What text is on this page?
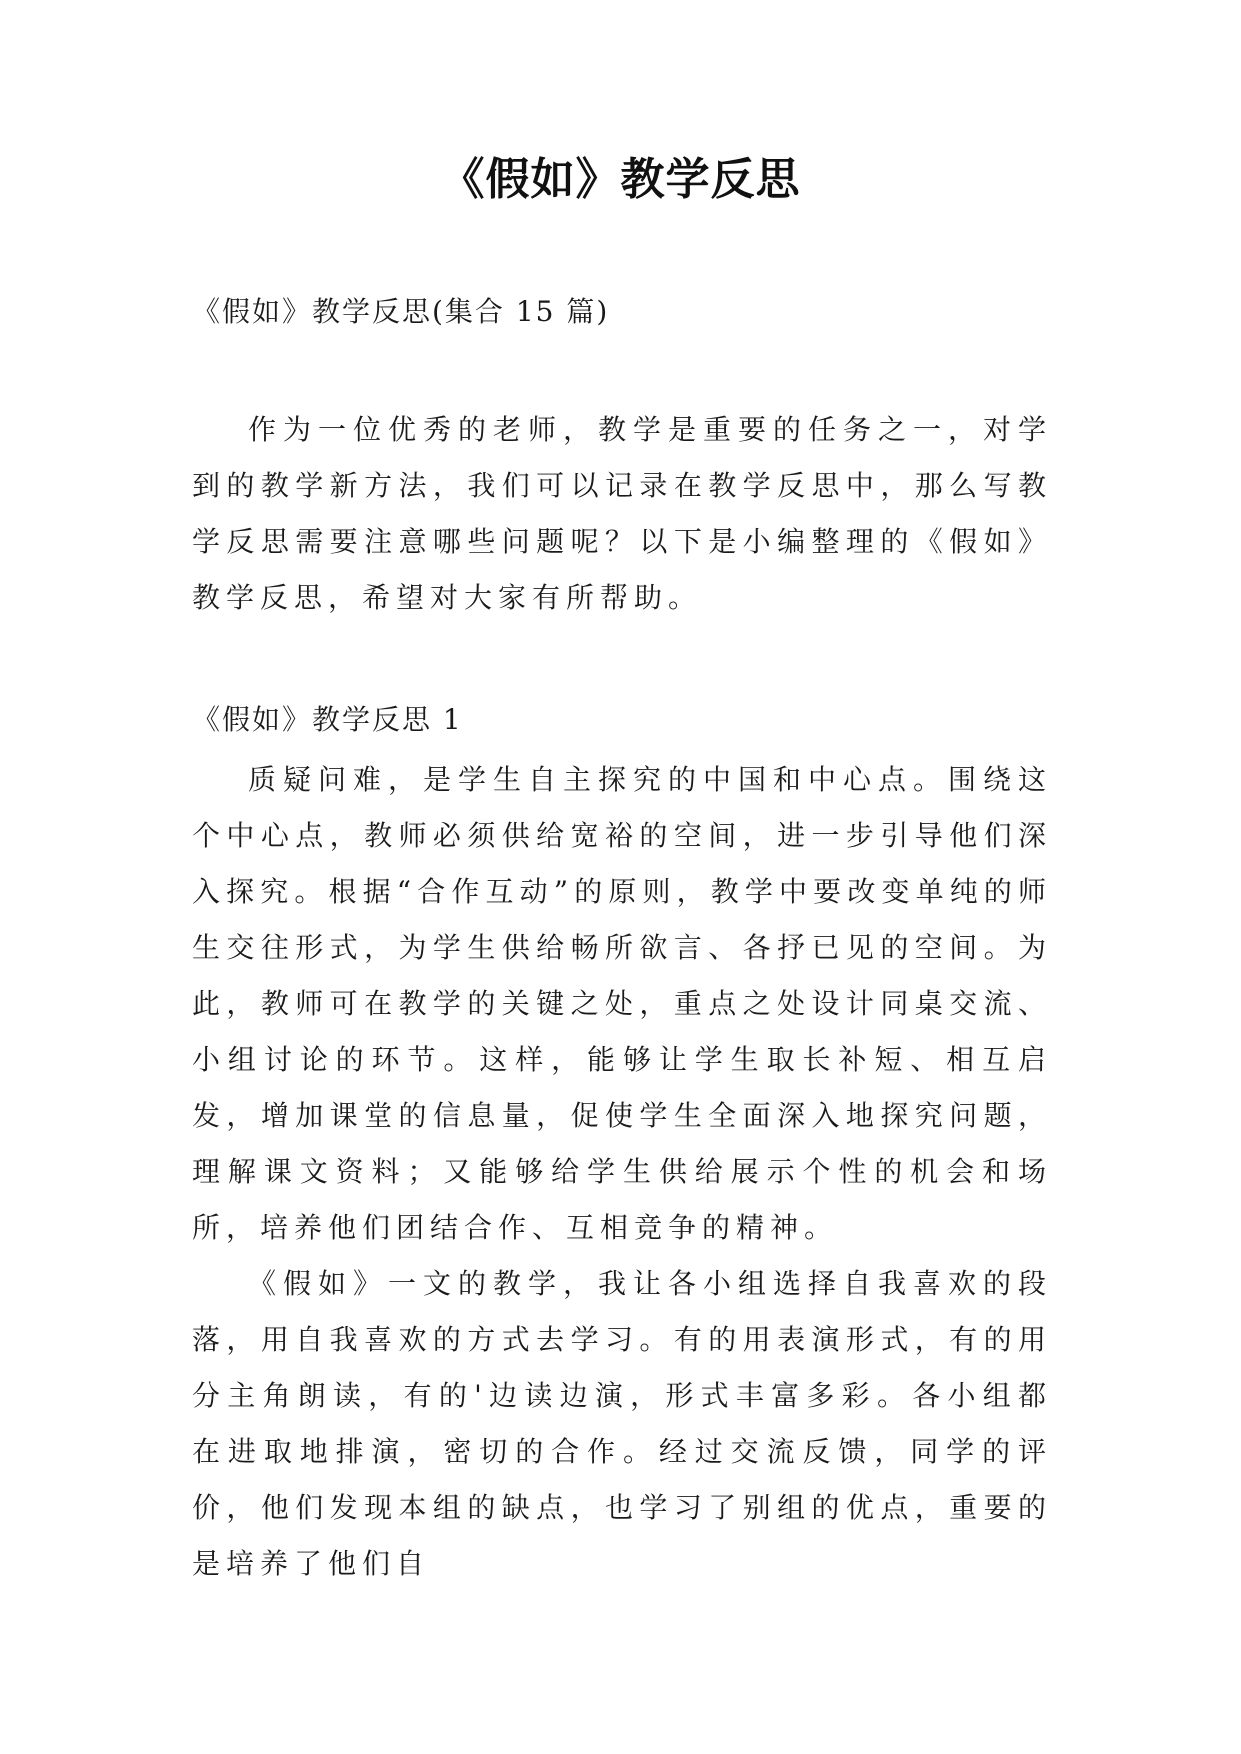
《假如》教学反思
《假如》教学反思(集合 15 篇)

作为一位优秀的老师，教学是重要的任务之一，对学到的教学新方法，我们可以记录在教学反思中，那么写教学反思需要注意哪些问题呢？以下是小编整理的《假如》教学反思，希望对大家有所帮助。

《假如》教学反思 1

质疑问难，是学生自主探究的中国和中心点。围绕这个中心点，教师必须供给宽裕的空间，进一步引导他们深入探究。根据“合作互动”的原则，教学中要改变单纯的师生交往形式，为学生供给畅所欲言、各抒已见的空间。为此，教师可在教学的关键之处，重点之处设计同桌交流、小组讨论的环节。这样，能够让学生取长补短、相互启发，增加课堂的信息量，促使学生全面深入地探究问题，理解课文资料；又能够给学生供给展示个性的机会和场所，培养他们团结合作、互相竞争的精神。

《假如》一文的教学，我让各小组选择自我喜欢的段落，用自我喜欢的方式去学习。有的用表演形式，有的用分主角朗读，有的'边读边演，形式丰富多彩。各小组都在进取地排演，密切的合作。经过交流反馈，同学的评价，他们发现本组的缺点，也学习了别组的优点，重要的是培养了他们自
